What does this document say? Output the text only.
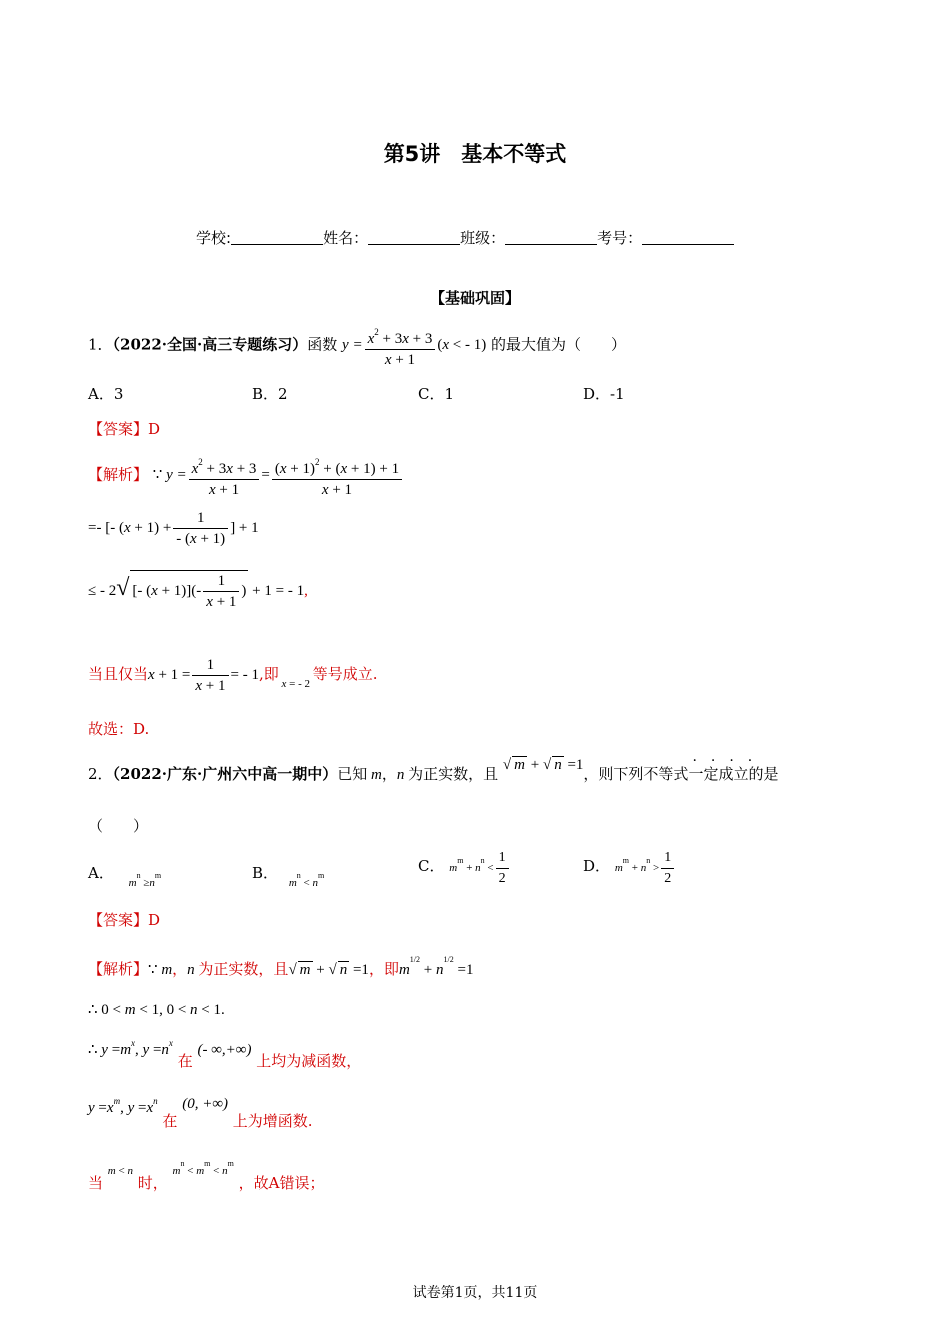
第5讲　基本不等式
学校:	姓名：	班级：	考号：
【基础巩固】
1．（2022·全国·高三专题练习）函数 $y = \frac{x^2 + 3x + 3}{x + 1} (x$ < - 1) 的最大值为（　　）
A．3	B．2	C．1	D．-1
【答案】D
【解析】 ∵ $y = \frac{x^2 + 3x + 3}{x + 1} = \frac{(x + 1)^2 + (x + 1) + 1}{x + 1}$
=- [- $(x + 1) + \frac{1}{- (x + 1)}$ ] + 1
≤ - 2√ [- $(x + 1)](- \frac{1}{x + 1}$ ) + 1 = - 1,
当且仅当$x + 1 = \frac{1}{x + 1}$ = - 1,即 $_{x = - 2}$ 等号成立.
故选：D.
2．（2022·广东·广州六中高一期中）已知 m，n 为正实数，且 √ m + √ n =1，则下列不等式
····
一定成立的是
（　　）
A． $_{m^n \ge n^m}$	B． $_{m^n < n^m}$
C． $m^m + n^n < \frac{1}{2}$	D． $m^m + n^n > \frac{1}{2}$
【答案】D
【解析】∵ m，n 为正实数，且√ m + √ n =1，即$m^{1/2} + n^{1/2} =1$
∴ 0 < m < 1, 0 < n < 1.
∴ $y =m^x$, $y =n^x$ 在 (- ∞,+∞) 上均为减函数，
$y =x^m$, $y =x^n$ 在 (0, +∞) 上为增函数.
当 m < n 时， $m^n < m^m < n^m$ ，故A错误；
试卷第1页，共11页
